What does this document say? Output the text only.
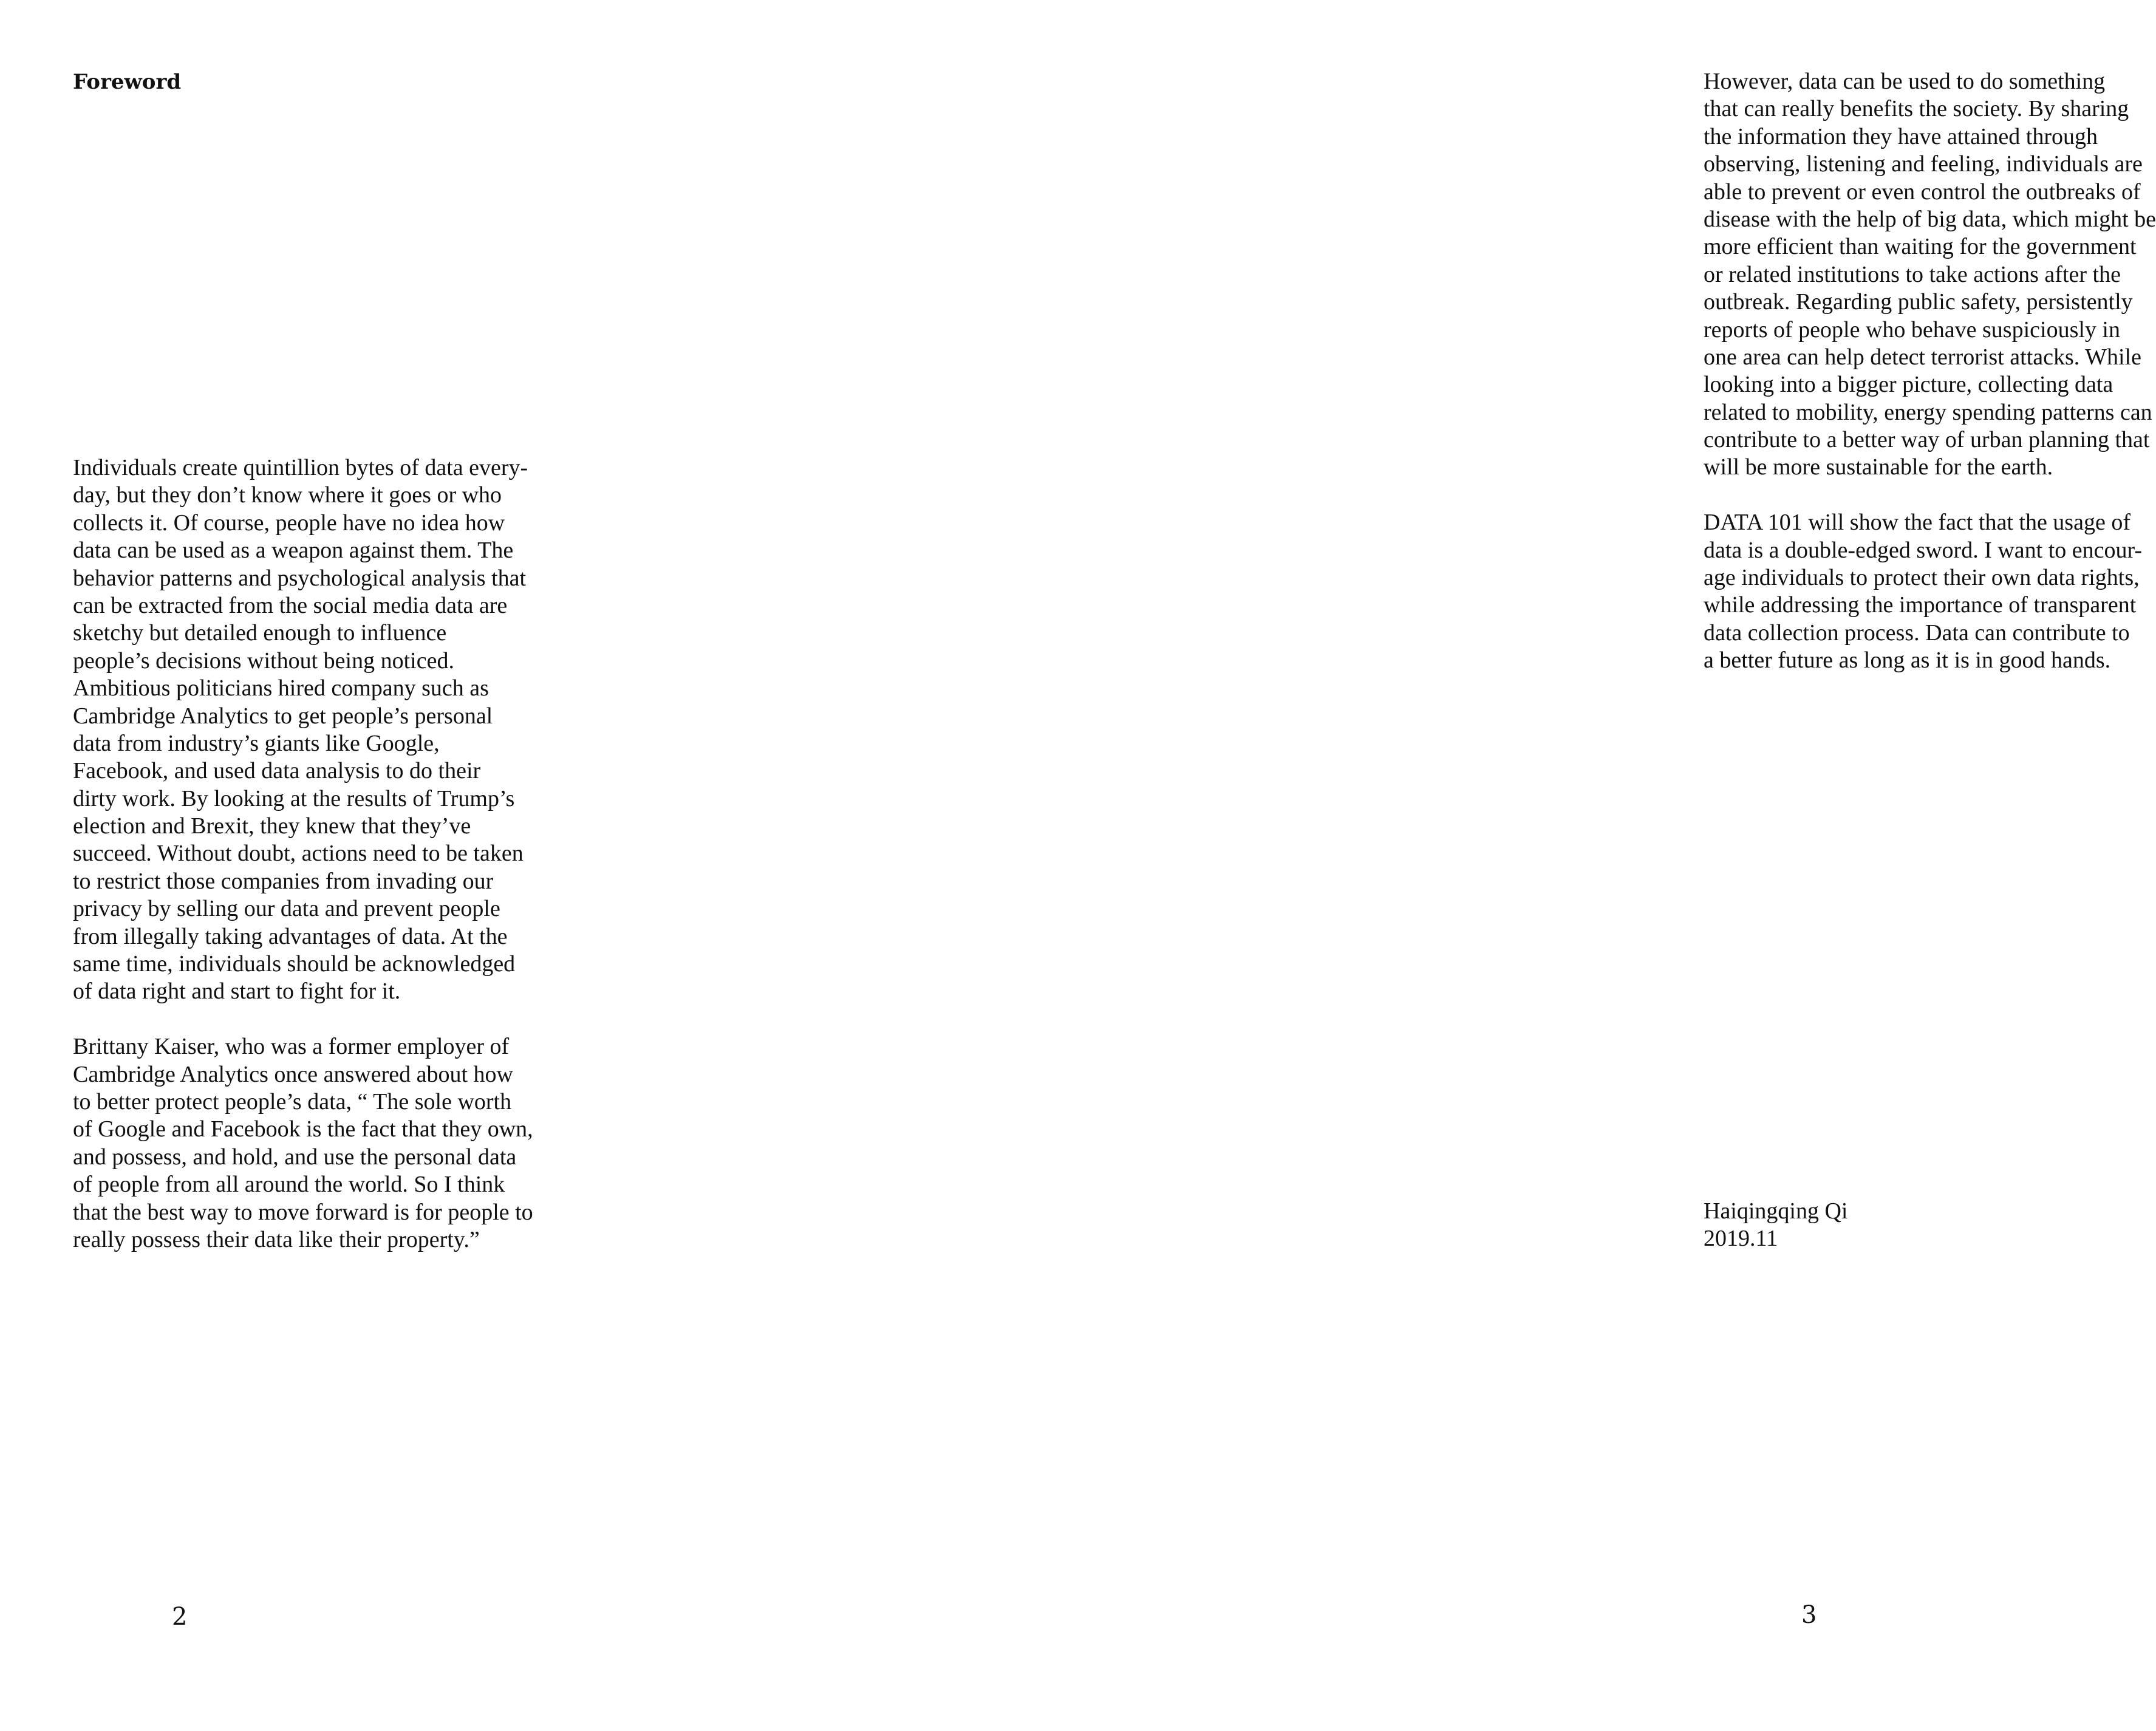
Foreword
Individuals create quintillion bytes of data every-
day, but they don’t know where it goes or who
collects it. Of course, people have no idea how
data can be used as a weapon against them. The
behavior patterns and psychological analysis that
can be extracted from the social media data are
sketchy but detailed enough to influence
people’s decisions without being noticed.
Ambitious politicians hired company such as
Cambridge Analytics to get people’s personal
data from industry’s giants like Google,
Facebook, and used data analysis to do their
dirty work. By looking at the results of Trump’s
election and Brexit, they knew that they’ve
succeed. Without doubt, actions need to be taken
to restrict those companies from invading our
privacy by selling our data and prevent people
from illegally taking advantages of data. At the
same time, individuals should be acknowledged
of data right and start to fight for it.
Brittany Kaiser, who was a former employer of
Cambridge Analytics once answered about how
to better protect people’s data, “ The sole worth
of Google and Facebook is the fact that they own,
and possess, and hold, and use the personal data
of people from all around the world. So I think
that the best way to move forward is for people to
really possess their data like their property.”
2
However, data can be used to do something
that can really benefits the society. By sharing
the information they have attained through
observing, listening and feeling, individuals are
able to prevent or even control the outbreaks of
disease with the help of big data, which might be
more efficient than waiting for the government
or related institutions to take actions after the
outbreak. Regarding public safety, persistently
reports of people who behave suspiciously in
one area can help detect terrorist attacks. While
looking into a bigger picture, collecting data
related to mobility, energy spending patterns can
contribute to a better way of urban planning that
will be more sustainable for the earth.
DATA 101 will show the fact that the usage of
data is a double-edged sword. I want to encour-
age individuals to protect their own data rights,
while addressing the importance of transparent
data collection process. Data can contribute to
a better future as long as it is in good hands.
Haiqingqing Qi
2019.11
3
